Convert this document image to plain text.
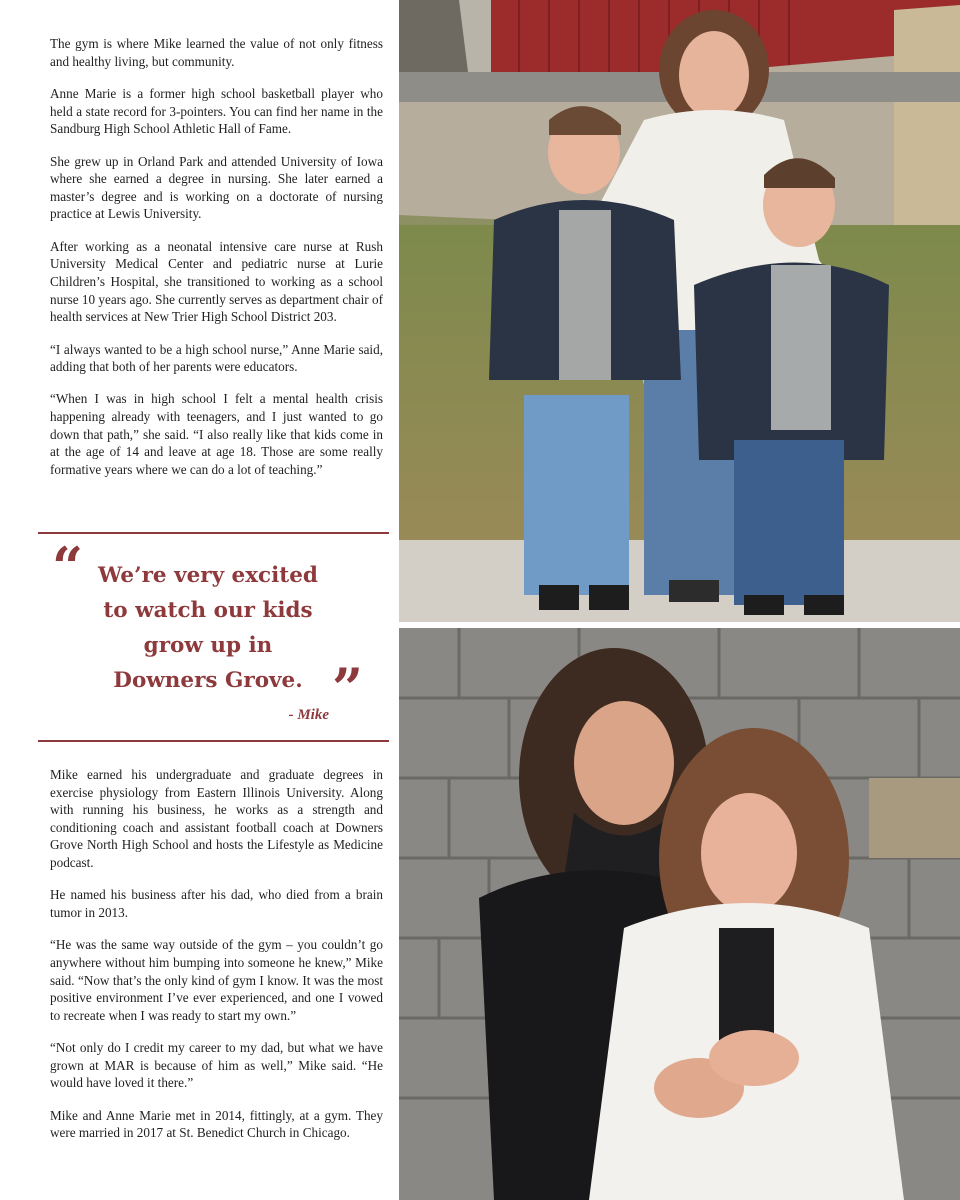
The gym is where Mike learned the value of not only fitness and healthy living, but community.

Anne Marie is a former high school basketball player who held a state record for 3-pointers. You can find her name in the Sandburg High School Athletic Hall of Fame.

She grew up in Orland Park and attended University of Iowa where she earned a degree in nursing. She later earned a master’s degree and is working on a doctorate of nursing practice at Lewis University.

After working as a neonatal intensive care nurse at Rush University Medical Center and pediatric nurse at Lurie Children’s Hospital, she transitioned to working as a school nurse 10 years ago. She currently serves as department chair of health services at New Trier High School District 203.

“I always wanted to be a high school nurse,” Anne Marie said, adding that both of her parents were educators.

“When I was in high school I felt a mental health crisis happening already with teenagers, and I just wanted to go down that path,” she said. “I also really like that kids come in at the age of 14 and leave at age 18. Those are some really formative years where we can do a lot of teaching.”

“ We’re very excited to watch our kids grow up in Downers Grove. ”
- Mike

Mike earned his undergraduate and graduate degrees in exercise physiology from Eastern Illinois University. Along with running his business, he works as a strength and conditioning coach and assistant football coach at Downers Grove North High School and hosts the Lifestyle as Medicine podcast.

He named his business after his dad, who died from a brain tumor in 2013.

“He was the same way outside of the gym – you couldn’t go anywhere without him bumping into someone he knew,” Mike said. “Now that’s the only kind of gym I know. It was the most positive environment I’ve ever experienced, and one I vowed to recreate when I was ready to start my own.”

“Not only do I credit my career to my dad, but what we have grown at MAR is because of him as well,” Mike said. “He would have loved it there.”

Mike and Anne Marie met in 2014, fittingly, at a gym. They were married in 2017 at St. Benedict Church in Chicago.
